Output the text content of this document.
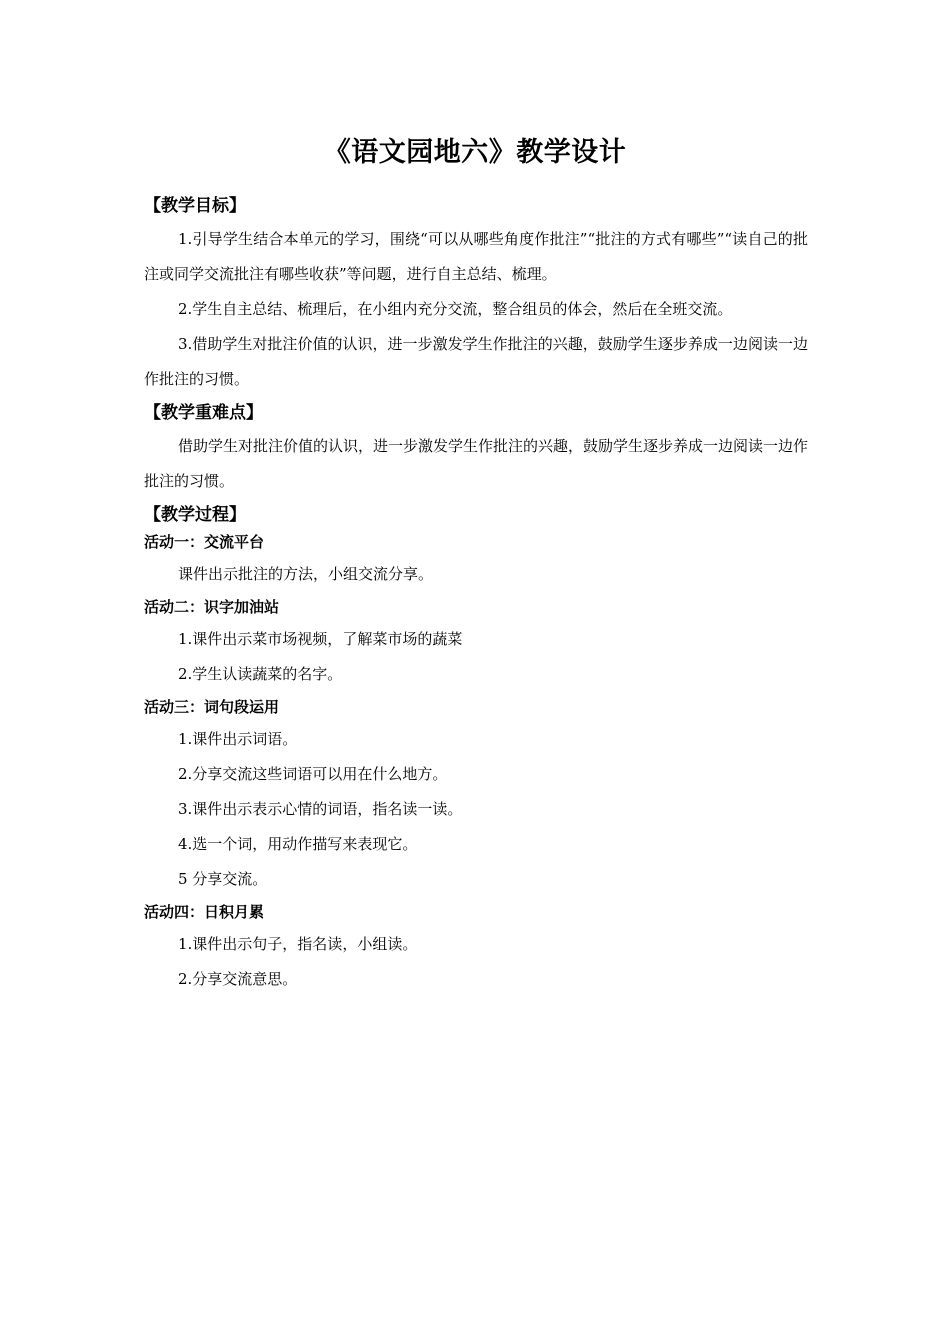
《语文园地六》教学设计
【教学目标】

1.引导学生结合本单元的学习，围绕“可以从哪些角度作批注”“批注的方式有哪些”“读自己的批注或同学交流批注有哪些收获”等问题，进行自主总结、梳理。

2.学生自主总结、梳理后，在小组内充分交流，整合组员的体会，然后在全班交流。

3.借助学生对批注价值的认识，进一步激发学生作批注的兴趣，鼓励学生逐步养成一边阅读一边作批注的习惯。

【教学重难点】

借助学生对批注价值的认识，进一步激发学生作批注的兴趣，鼓励学生逐步养成一边阅读一边作批注的习惯。

【教学过程】
活动一：交流平台

课件出示批注的方法，小组交流分享。

活动二：识字加油站

1.课件出示菜市场视频，了解菜市场的蔬菜

2.学生认读蔬菜的名字。

活动三：词句段运用

1.课件出示词语。

2.分享交流这些词语可以用在什么地方。

3.课件出示表示心情的词语，指名读一读。

4.选一个词，用动作描写来表现它。

5 分享交流。

活动四：日积月累

1.课件出示句子，指名读，小组读。

2.分享交流意思。
